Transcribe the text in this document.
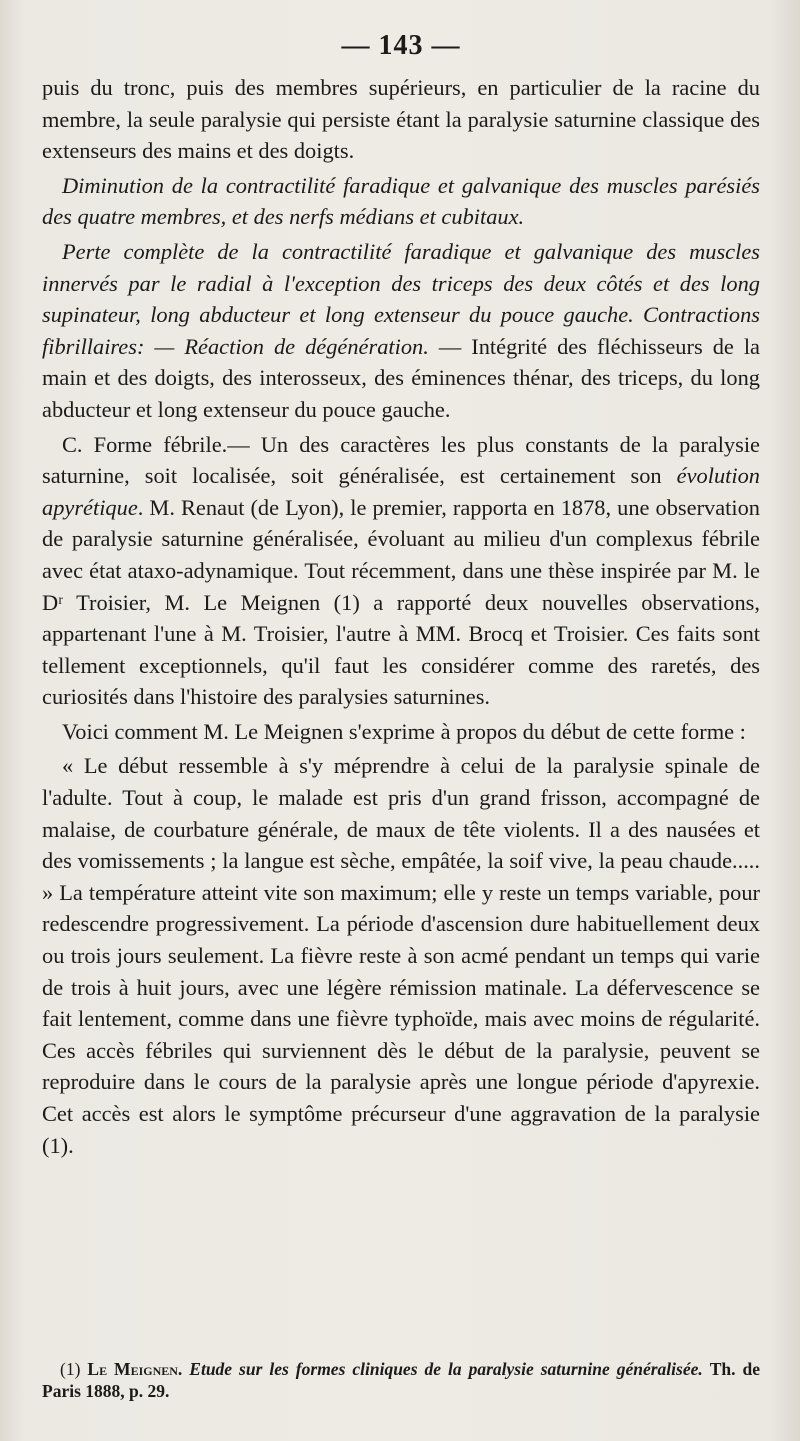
— 143 —

puis du tronc, puis des membres supérieurs, en particulier de la racine du membre, la seule paralysie qui persiste étant la paralysie saturnine classique des extenseurs des mains et des doigts.

Diminution de la contractilité faradique et galvanique des muscles parésiés des quatre membres, et des nerfs médians et cubitaux.

Perte complète de la contractilité faradique et galvanique des muscles innervés par le radial à l'exception des triceps des deux côtés et des long supinateur, long abducteur et long extenseur du pouce gauche. Contractions fibrillaires: — Réaction de dégénération. — Intégrité des fléchisseurs de la main et des doigts, des interosseux, des éminences thénar, des triceps, du long abducteur et long extenseur du pouce gauche.

C. Forme fébrile.— Un des caractères les plus constants de la paralysie saturnine, soit localisée, soit généralisée, est certainement son évolution apyrétique. M. Renaut (de Lyon), le premier, rapporta en 1878, une observation de paralysie saturnine généralisée, évoluant au milieu d'un complexus fébrile avec état ataxo-adynamique. Tout récemment, dans une thèse inspirée par M. le Dʳ Troisier, M. Le Meignen (1) a rapporté deux nouvelles observations, appartenant l'une à M. Troisier, l'autre à MM. Brocq et Troisier. Ces faits sont tellement exceptionnels, qu'il faut les considérer comme des raretés, des curiosités dans l'histoire des paralysies saturnines.

Voici comment M. Le Meignen s'exprime à propos du début de cette forme :

« Le début ressemble à s'y méprendre à celui de la paralysie spinale de l'adulte. Tout à coup, le malade est pris d'un grand frisson, accompagné de malaise, de courbature générale, de maux de tête violents. Il a des nausées et des vomissements ; la langue est sèche, empâtée, la soif vive, la peau chaude..... » La température atteint vite son maximum; elle y reste un temps variable, pour redescendre progressivement. La période d'ascension dure habituellement deux ou trois jours seulement. La fièvre reste à son acmé pendant un temps qui varie de trois à huit jours, avec une légère rémission matinale. La défervescence se fait lentement, comme dans une fièvre typhoïde, mais avec moins de régularité. Ces accès fébriles qui surviennent dès le début de la paralysie, peuvent se reproduire dans le cours de la paralysie après une longue période d'apyrexie. Cet accès est alors le symptôme précurseur d'une aggravation de la paralysie (1).

(1) Le Meignen. Etude sur les formes cliniques de la paralysie saturnine généralisée. Th. de Paris 1888, p. 29.
